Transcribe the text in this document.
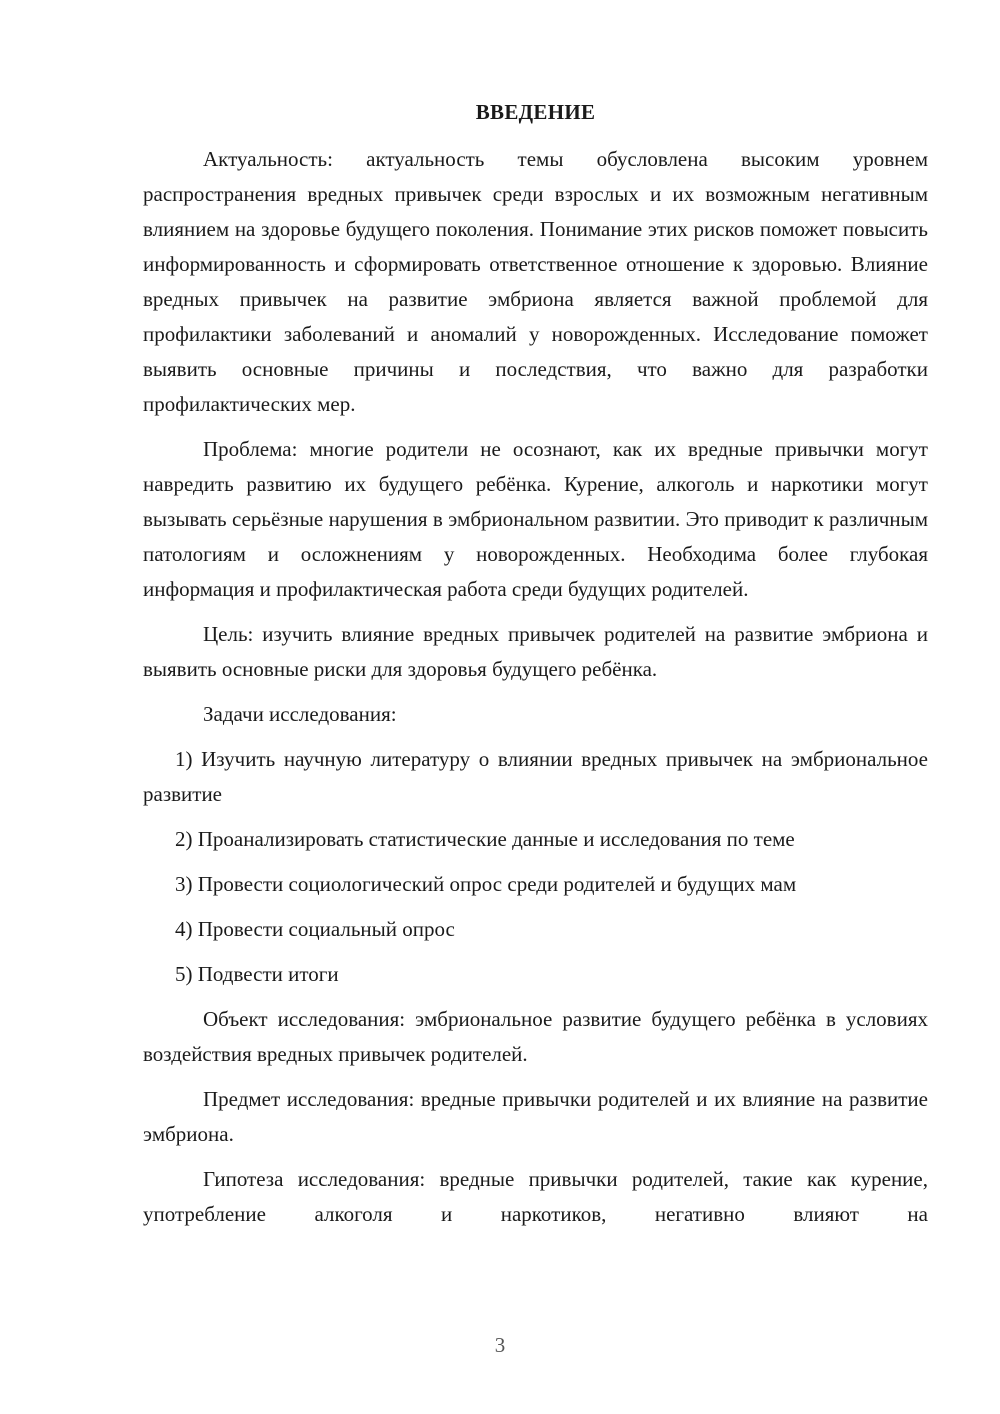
ВВЕДЕНИЕ

Актуальность: актуальность темы обусловлена высоким уровнем распространения вредных привычек среди взрослых и их возможным негативным влиянием на здоровье будущего поколения. Понимание этих рисков поможет повысить информированность и сформировать ответственное отношение к здоровью. Влияние вредных привычек на развитие эмбриона является важной проблемой для профилактики заболеваний и аномалий у новорожденных. Исследование поможет выявить основные причины и последствия, что важно для разработки профилактических мер.

Проблема: многие родители не осознают, как их вредные привычки могут навредить развитию их будущего ребёнка. Курение, алкоголь и наркотики могут вызывать серьёзные нарушения в эмбриональном развитии. Это приводит к различным патологиям и осложнениям у новорожденных. Необходима более глубокая информация и профилактическая работа среди будущих родителей.

Цель: изучить влияние вредных привычек родителей на развитие эмбриона и выявить основные риски для здоровья будущего ребёнка.

Задачи исследования:

1) Изучить научную литературу о влиянии вредных привычек на эмбриональное развитие

2) Проанализировать статистические данные и исследования по теме

3) Провести социологический опрос среди родителей и будущих мам

4) Провести социальный опрос

5) Подвести итоги

Объект исследования: эмбриональное развитие будущего ребёнка в условиях воздействия вредных привычек родителей.

Предмет исследования: вредные привычки родителей и их влияние на развитие эмбриона.

Гипотеза исследования: вредные привычки родителей, такие как курение, употребление алкоголя и наркотиков, негативно влияют на

3
